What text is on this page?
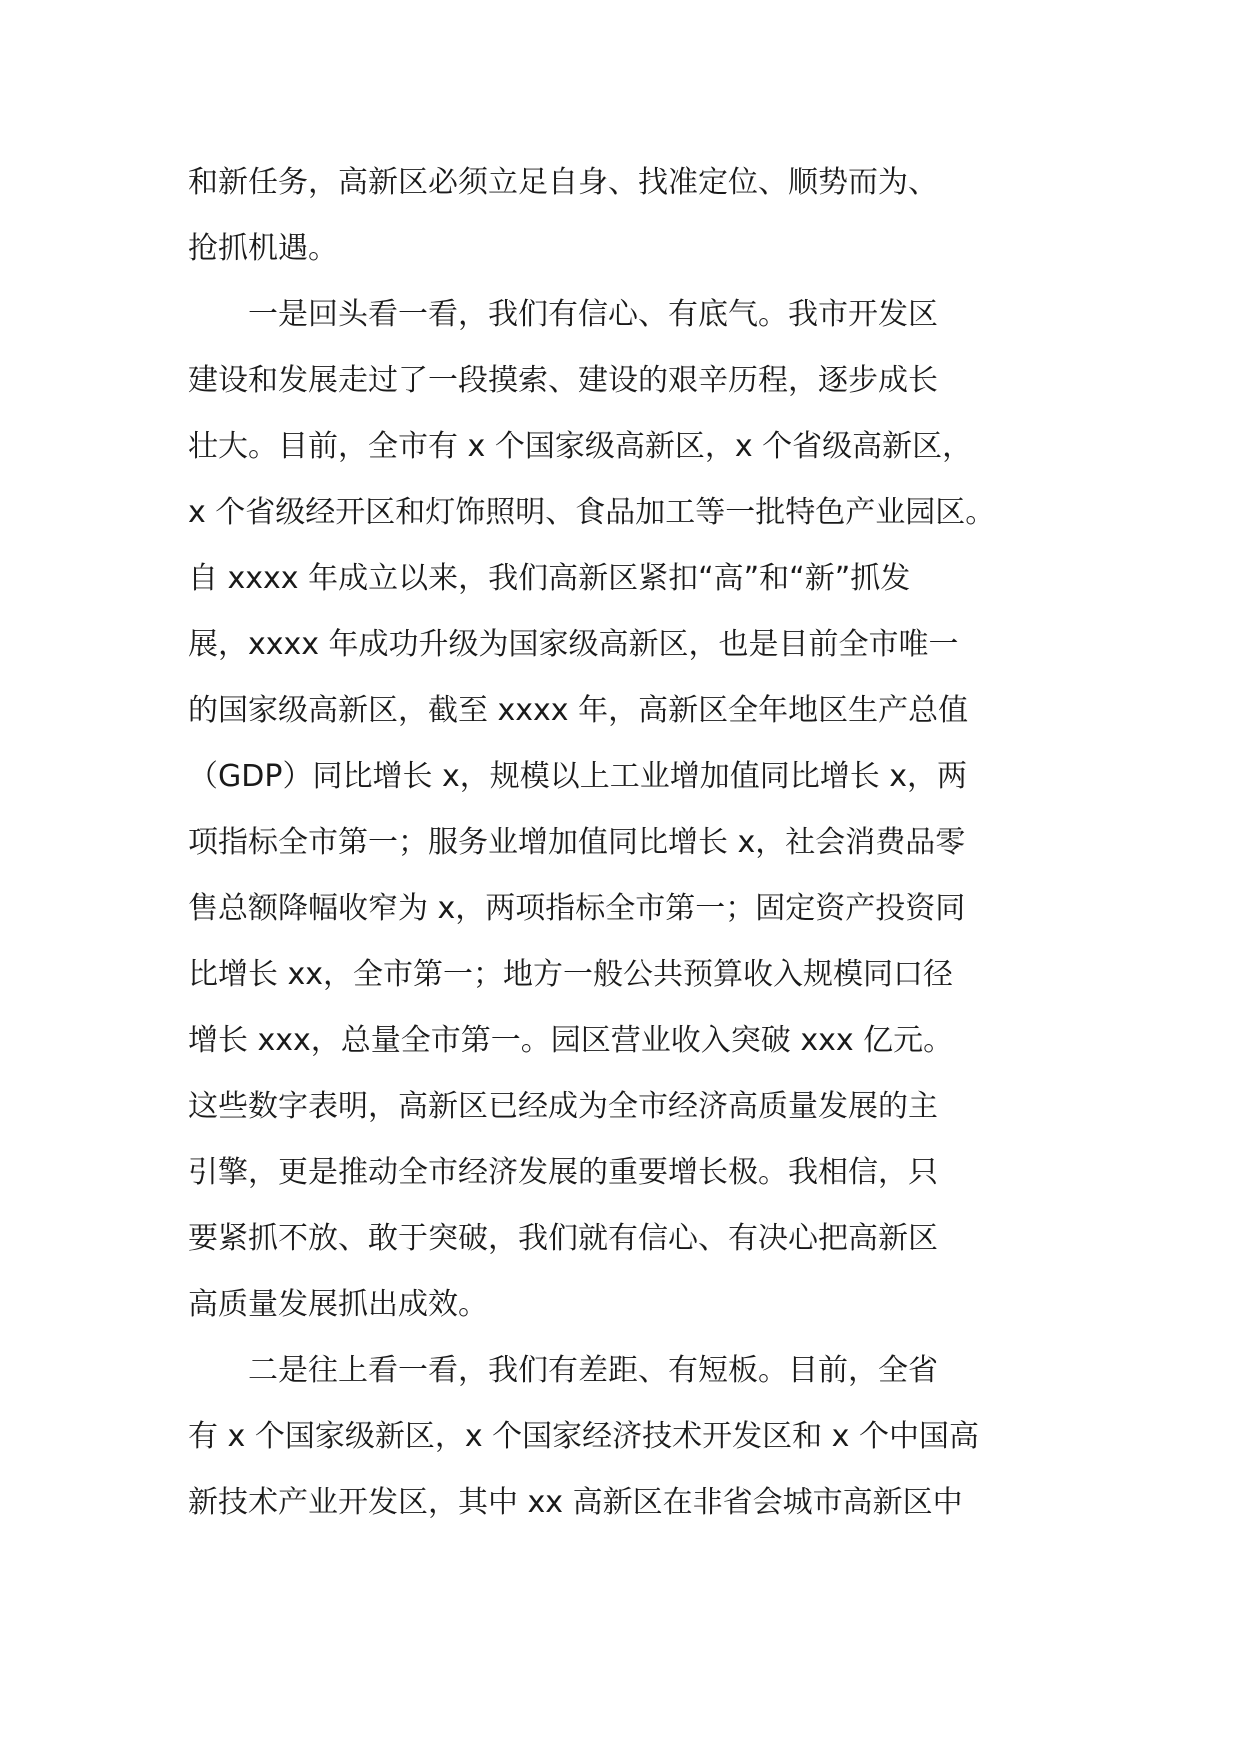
和新任务，高新区必须立足自身、找准定位、顺势而为、
抢抓机遇。
　　一是回头看一看，我们有信心、有底气。我市开发区
建设和发展走过了一段摸索、建设的艰辛历程，逐步成长
壮大。目前，全市有 x 个国家级高新区，x 个省级高新区，
x 个省级经开区和灯饰照明、食品加工等一批特色产业园区。
自 xxxx 年成立以来，我们高新区紧扣“高”和“新”抓发
展，xxxx 年成功升级为国家级高新区，也是目前全市唯一
的国家级高新区，截至 xxxx 年，高新区全年地区生产总值
（GDP）同比增长 x，规模以上工业增加值同比增长 x，两
项指标全市第一；服务业增加值同比增长 x，社会消费品零
售总额降幅收窄为 x，两项指标全市第一；固定资产投资同
比增长 xx，全市第一；地方一般公共预算收入规模同口径
增长 xxx，总量全市第一。园区营业收入突破 xxx 亿元。
这些数字表明，高新区已经成为全市经济高质量发展的主
引擎，更是推动全市经济发展的重要增长极。我相信，只
要紧抓不放、敢于突破，我们就有信心、有决心把高新区
高质量发展抓出成效。
　　二是往上看一看，我们有差距、有短板。目前，全省
有 x 个国家级新区，x 个国家经济技术开发区和 x 个中国高
新技术产业开发区，其中 xx 高新区在非省会城市高新区中
